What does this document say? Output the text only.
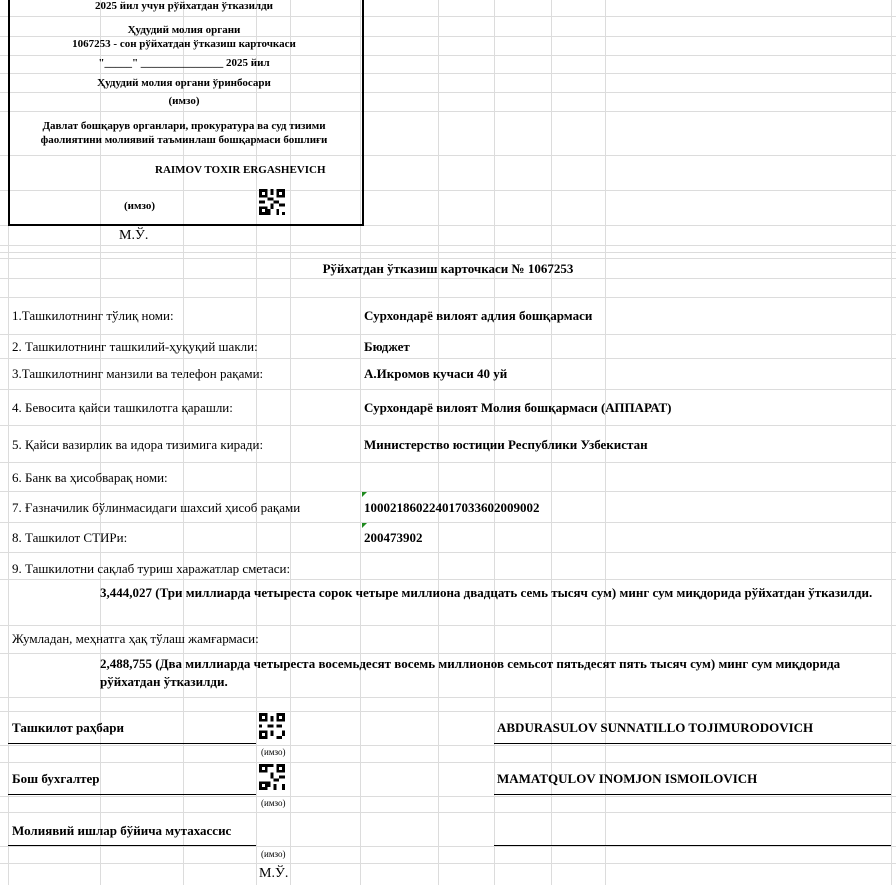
2025 йил учун рўйхатдан ўтказилди
Ҳудудий молия органи
1067253 - сон рўйхатдан ўтказиш карточкаси
"_____" _______________ 2025 йил
Ҳудудий молия органи ўринбосари
(имзо)
Давлат бошқарув органлари, прокуратура ва суд тизими
фаолиятини молиявий таъминлаш бошқармаси бошлиғи
RAIMOV TOXIR ERGASHEVICH
(имзо)
М.Ў.
Рўйхатдан ўтказиш карточкаси № 1067253
1.Ташкилотнинг тўлиқ номи:	Сурхондарё вилоят адлия бошқармаси
2. Ташкилотнинг ташкилий-ҳуқуқий шакли:	Бюджет
3.Ташкилотнинг манзили ва телефон рақами:	А.Икромов кучаси 40 уй
4. Бевосита қайси ташкилотга қарашли:	Сурхондарё вилоят Молия бошқармаси (АППАРАТ)
5. Қайси вазирлик ва идора тизимига киради:	Министерство юстиции Республики Узбекистан
6. Банк ва ҳисобварақ номи:
7. Ғазначилик бўлинмасидаги шахсий ҳисоб рақами	100021860224017033602009002
8. Ташкилот СТИРи:	200473902
9. Ташкилотни сақлаб туриш харажатлар сметаси:
3,444,027 (Три миллиарда четыреста сорок четыре миллиона двадцать семь тысяч сум) минг сум миқдорида рўйхатдан ўтказилди.
Жумладан, меҳнатга ҳақ тўлаш жамғармаси:
2,488,755 (Два миллиарда четыреста восемьдесят восемь миллионов семьсот пятьдесят пять тысяч сум) минг сум миқдорида рўйхатдан ўтказилди.
Ташкилот раҳбари
(имзо)
ABDURASULOV SUNNATILLO TOJIMURODOVICH
Бош бухгалтер
(имзо)
MAMATQULOV INOMJON ISMOILOVICH
Молиявий ишлар бўйича мутахассис
(имзо)
М.Ў.
